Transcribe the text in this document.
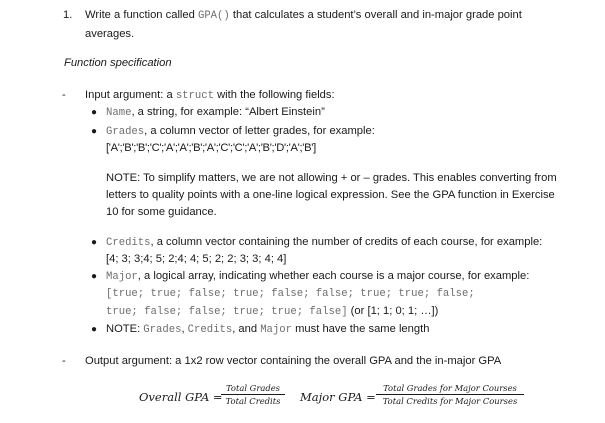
1. Write a function called GPA() that calculates a student’s overall and in-major grade point
averages.
Function specification
- Input argument: a struct with the following fields:
● Name, a string, for example: “Albert Einstein”
● Grades, a column vector of letter grades, for example:
['A';'B';'B';'C';'A';'A';'B';'A';'C';'C';'A';'B';'D';'A';'B']
NOTE: To simplify matters, we are not allowing + or – grades. This enables converting from
letters to quality points with a one-line logical expression. See the GPA function in Exercise
10 for some guidance.
● Credits, a column vector containing the number of credits of each course, for example:
[4; 3; 3;4; 5; 2;4; 4; 5; 2; 2; 3; 3; 4; 4]
● Major, a logical array, indicating whether each course is a major course, for example:
[true; true; false; true; false; false; true; true; false;
true; false; false; true; true; false] (or [1; 1; 0; 1; …])
● NOTE: Grades, Credits, and Major must have the same length
- Output argument: a 1x2 row vector containing the overall GPA and the in-major GPA
Overall GPA =
Total Grades
Total Credits	Major GPA =
Total Grades for Major Courses
Total Credits for Major Courses
